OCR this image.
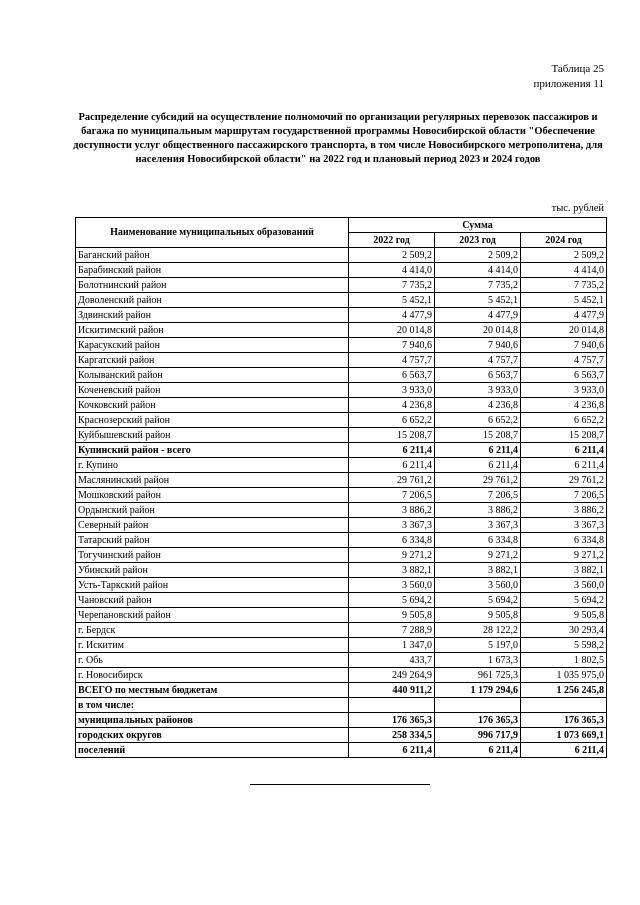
Таблица 25
приложения 11
Распределение субсидий на осуществление полномочий по организации регулярных перевозок пассажиров и багажа по муниципальным маршрутам государственной программы Новосибирской области "Обеспечение доступности услуг общественного пассажирского транспорта, в том числе Новосибирского метрополитена, для населения Новосибирской области" на 2022 год и плановый период 2023 и 2024 годов
тыс. рублей
Наименование муниципальных образований	Сумма		
	2022 год	2023 год	2024 год
Баганский район	2 509,2	2 509,2	2 509,2
Барабинский район	4 414,0	4 414,0	4 414,0
Болотнинский район	7 735,2	7 735,2	7 735,2
Доволенский район	5 452,1	5 452,1	5 452,1
Здвинский район	4 477,9	4 477,9	4 477,9
Искитимский район	20 014,8	20 014,8	20 014,8
Карасукский район	7 940,6	7 940,6	7 940,6
Каргатский район	4 757,7	4 757,7	4 757,7
Колыванский район	6 563,7	6 563,7	6 563,7
Коченевский район	3 933,0	3 933,0	3 933,0
Кочковский район	4 236,8	4 236,8	4 236,8
Краснозерский район	6 652,2	6 652,2	6 652,2
Куйбышевский район	15 208,7	15 208,7	15 208,7
Купинский район - всего	6 211,4	6 211,4	6 211,4
г. Купино	6 211,4	6 211,4	6 211,4
Маслянинский район	29 761,2	29 761,2	29 761,2
Мошковский район	7 206,5	7 206,5	7 206,5
Ордынский район	3 886,2	3 886,2	3 886,2
Северный район	3 367,3	3 367,3	3 367,3
Татарский район	6 334,8	6 334,8	6 334,8
Тогучинский район	9 271,2	9 271,2	9 271,2
Убинский район	3 882,1	3 882,1	3 882,1
Усть-Таркский район	3 560,0	3 560,0	3 560,0
Чановский район	5 694,2	5 694,2	5 694,2
Черепановский район	9 505,8	9 505,8	9 505,8
г. Бердск	7 288,9	28 122,2	30 293,4
г. Искитим	1 347,0	5 197,0	5 598,2
г. Обь	433,7	1 673,3	1 802,5
г. Новосибирск	249 264,9	961 725,3	1 035 975,0
ВСЕГО по местным бюджетам	440 911,2	1 179 294,6	1 256 245,8
в том числе:			
муниципальных районов	176 365,3	176 365,3	176 365,3
городских округов	258 334,5	996 717,9	1 073 669,1
поселений	6 211,4	6 211,4	6 211,4
